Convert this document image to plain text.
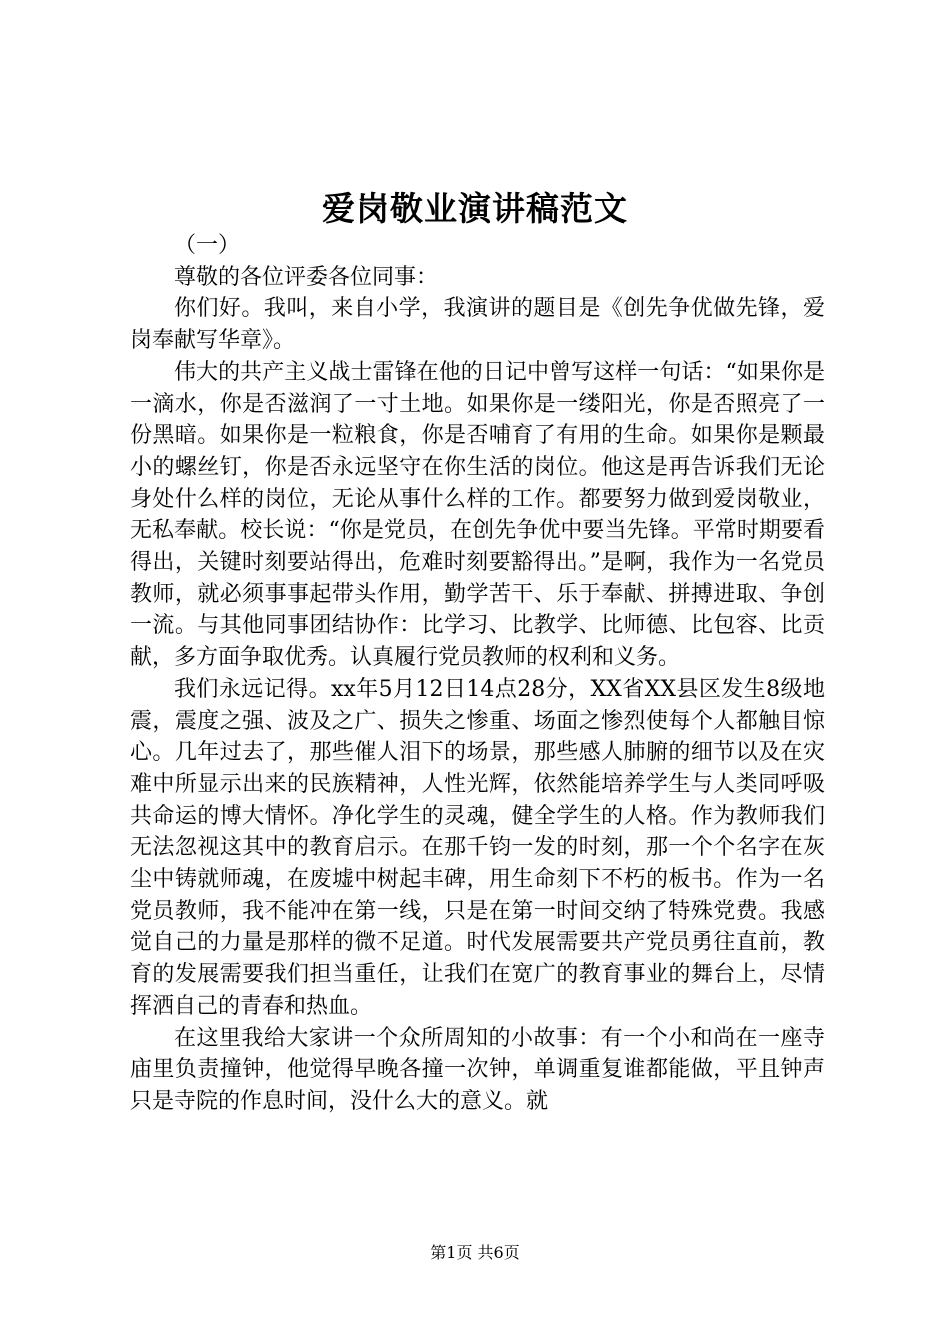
爱岗敬业演讲稿范文

（一）

尊敬的各位评委各位同事：

你们好。我叫，来自小学，我演讲的题目是《创先争优做先锋，爱岗奉献写华章》。

伟大的共产主义战士雷锋在他的日记中曾写这样一句话：“如果你是一滴水，你是否滋润了一寸土地。如果你是一缕阳光，你是否照亮了一份黑暗。如果你是一粒粮食，你是否哺育了有用的生命。如果你是颗最小的螺丝钉，你是否永远坚守在你生活的岗位。他这是再告诉我们无论身处什么样的岗位，无论从事什么样的工作。都要努力做到爱岗敬业，无私奉献。校长说：“你是党员，在创先争优中要当先锋。平常时期要看得出，关键时刻要站得出，危难时刻要豁得出。”是啊，我作为一名党员教师，就必须事事起带头作用，勤学苦干、乐于奉献、拼搏进取、争创一流。与其他同事团结协作：比学习、比教学、比师德、比包容、比贡献，多方面争取优秀。认真履行党员教师的权利和义务。

我们永远记得。xx年5月12日14点28分，XX省XX县区发生8级地震，震度之强、波及之广、损失之惨重、场面之惨烈使每个人都触目惊心。几年过去了，那些催人泪下的场景，那些感人肺腑的细节以及在灾难中所显示出来的民族精神，人性光辉，依然能培养学生与人类同呼吸共命运的博大情怀。净化学生的灵魂，健全学生的人格。作为教师我们无法忽视这其中的教育启示。在那千钧一发的时刻，那一个个名字在灰尘中铸就师魂，在废墟中树起丰碑，用生命刻下不朽的板书。作为一名党员教师，我不能冲在第一线，只是在第一时间交纳了特殊党费。我感觉自己的力量是那样的微不足道。时代发展需要共产党员勇往直前，教育的发展需要我们担当重任，让我们在宽广的教育事业的舞台上，尽情挥洒自己的青春和热血。

在这里我给大家讲一个众所周知的小故事：有一个小和尚在一座寺庙里负责撞钟，他觉得早晚各撞一次钟，单调重复谁都能做，平且钟声只是寺院的作息时间，没什么大的意义。就

第1页 共6页
